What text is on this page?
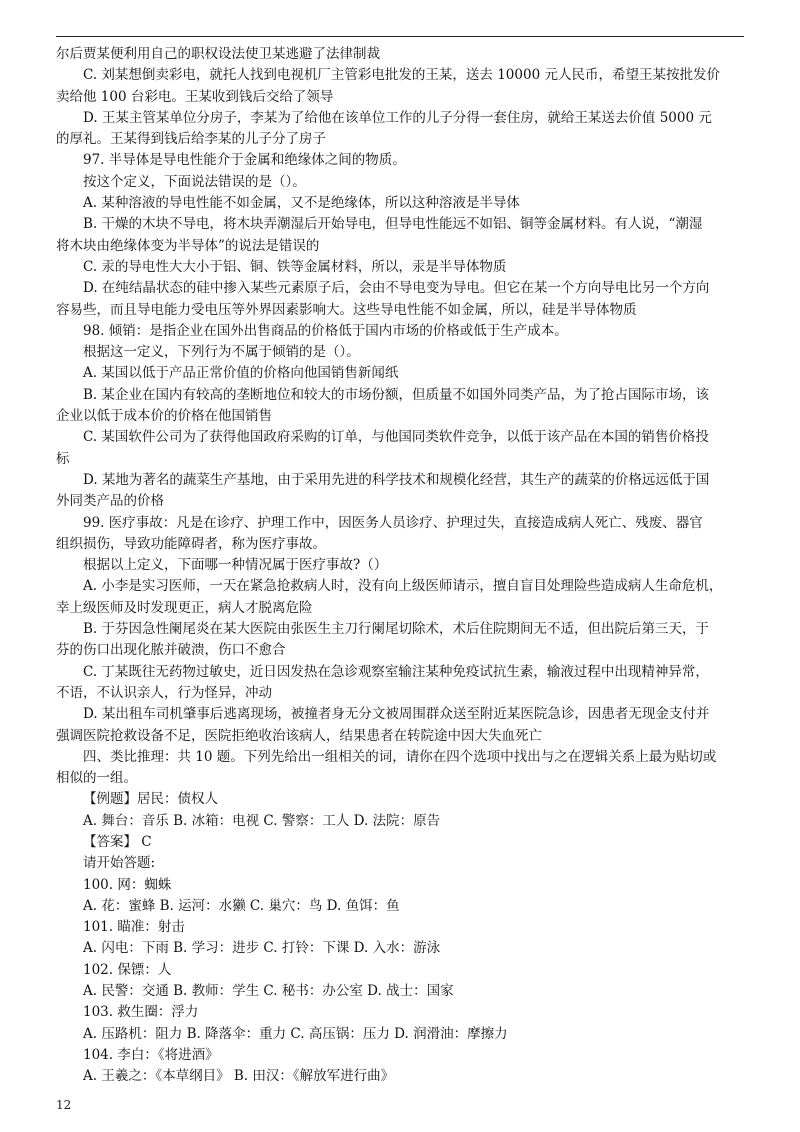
尔后贾某便利用自己的职权设法使卫某逃避了法律制裁
C. 刘某想倒卖彩电，就托人找到电视机厂主管彩电批发的王某，送去 10000 元人民币，希望王某按批发价
卖给他 100 台彩电。王某收到钱后交给了领导
D. 王某主管某单位分房子，李某为了给他在该单位工作的儿子分得一套住房，就给王某送去价值 5000 元
的厚礼。王某得到钱后给李某的儿子分了房子
97. 半导体是导电性能介于金属和绝缘体之间的物质。
按这个定义，下面说法错误的是（）。
A. 某种溶液的导电性能不如金属，又不是绝缘体，所以这种溶液是半导体
B. 干燥的木块不导电，将木块弄潮湿后开始导电，但导电性能远不如铝、铜等金属材料。有人说，“潮湿
将木块由绝缘体变为半导体”的说法是错误的
C. 汞的导电性大大小于铝、铜、铁等金属材料，所以，汞是半导体物质
D. 在纯结晶状态的硅中掺入某些元素原子后，会由不导电变为导电。但它在某一个方向导电比另一个方向
容易些，而且导电能力受电压等外界因素影响大。这些导电性能不如金属，所以，硅是半导体物质
98. 倾销：是指企业在国外出售商品的价格低于国内市场的价格或低于生产成本。
根据这一定义，下列行为不属于倾销的是（）。
A. 某国以低于产品正常价值的价格向他国销售新闻纸
B. 某企业在国内有较高的垄断地位和较大的市场份额，但质量不如国外同类产品，为了抢占国际市场，该
企业以低于成本价的价格在他国销售
C. 某国软件公司为了获得他国政府采购的订单，与他国同类软件竞争，以低于该产品在本国的销售价格投
标
D. 某地为著名的蔬菜生产基地，由于采用先进的科学技术和规模化经营，其生产的蔬菜的价格远远低于国
外同类产品的价格
99. 医疗事故：凡是在诊疗、护理工作中，因医务人员诊疗、护理过失，直接造成病人死亡、残废、器官
组织损伤，导致功能障碍者，称为医疗事故。
根据以上定义，下面哪一种情况属于医疗事故?（）
A. 小李是实习医师，一天在紧急抢救病人时，没有向上级医师请示，擅自盲目处理险些造成病人生命危机，
幸上级医师及时发现更正，病人才脱离危险
B. 于芬因急性阑尾炎在某大医院由张医生主刀行阑尾切除术，术后住院期间无不适，但出院后第三天，于
芬的伤口出现化脓并破溃，伤口不愈合
C. 丁某既往无药物过敏史，近日因发热在急诊观察室输注某种免疫试抗生素，输液过程中出现精神异常，
不语，不认识亲人，行为怪异，冲动
D. 某出租车司机肇事后逃离现场，被撞者身无分文被周围群众送至附近某医院急诊，因患者无现金支付并
强调医院抢救设备不足，医院拒绝收治该病人，结果患者在转院途中因大失血死亡
四、类比推理：共 10 题。下列先给出一组相关的词，请你在四个选项中找出与之在逻辑关系上最为贴切或
相似的一组。
【例题】居民：债权人
A. 舞台：音乐 B. 冰箱：电视 C. 警察：工人 D. 法院：原告
【答案】 C
请开始答题:
100. 网：蜘蛛
A. 花：蜜蜂 B. 运河：水獭 C. 巢穴：鸟 D. 鱼饵：鱼
101. 瞄准：射击
A. 闪电：下雨 B. 学习：进步 C. 打铃：下课 D. 入水：游泳
102. 保镖：人
A. 民警：交通 B. 教师：学生 C. 秘书：办公室 D. 战士：国家
103. 救生圈：浮力
A. 压路机：阻力 B. 降落伞：重力 C. 高压锅：压力 D. 润滑油：摩擦力
104. 李白：《将进酒》
A. 王羲之：《本草纲目》 B. 田汉：《解放军进行曲》
12
